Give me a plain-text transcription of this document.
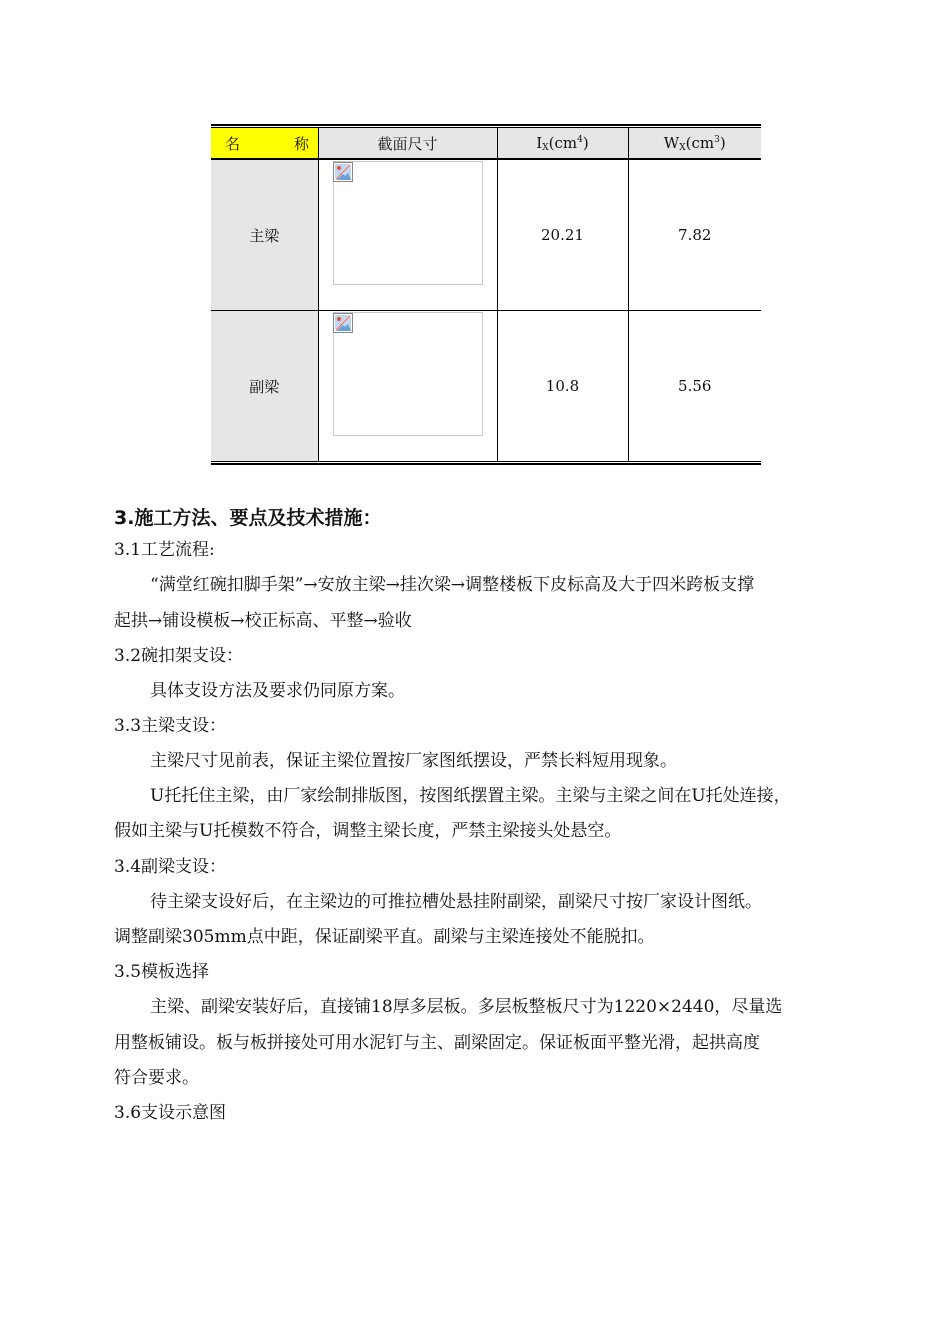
名 称	截面尺寸	$I_X(cm^4)$	$W_X(cm^3)$
主梁		20.21	7.82
副梁		10.8	5.56
3.施工方法、要点及技术措施：
3.1工艺流程:
“满堂红碗扣脚手架”→安放主梁→挂次梁→调整楼板下皮标高及大于四米跨板支撑
起拱→铺设模板→校正标高、平整→验收
3.2碗扣架支设：
具体支设方法及要求仍同原方案。
3.3主梁支设：
主梁尺寸见前表，保证主梁位置按厂家图纸摆设，严禁长料短用现象。
U托托住主梁，由厂家绘制排版图，按图纸摆置主梁。主梁与主梁之间在U托处连接，
假如主梁与U托模数不符合，调整主梁长度，严禁主梁接头处悬空。
3.4副梁支设：
待主梁支设好后，在主梁边的可推拉槽处悬挂附副梁，副梁尺寸按厂家设计图纸。
调整副梁305mm点中距，保证副梁平直。副梁与主梁连接处不能脱扣。
3.5模板选择
主梁、副梁安装好后，直接铺18厚多层板。多层板整板尺寸为1220×2440，尽量选
用整板铺设。板与板拼接处可用水泥钉与主、副梁固定。保证板面平整光滑，起拱高度
符合要求。
3.6支设示意图
